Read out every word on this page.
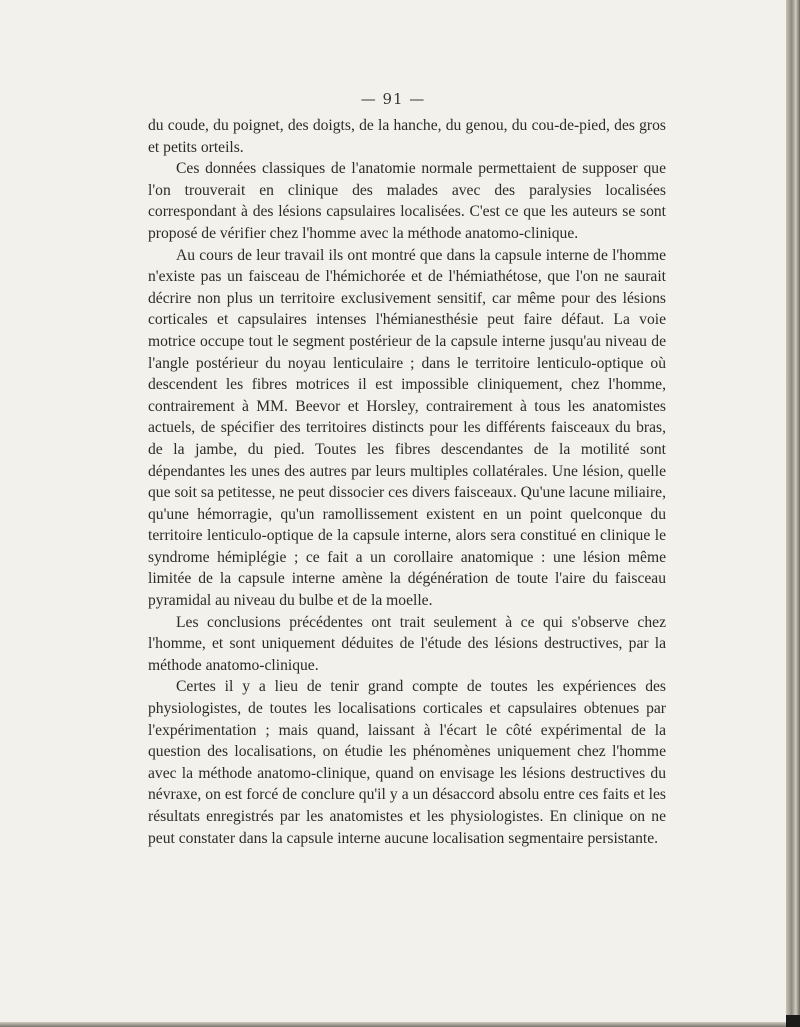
— 91 —

du coude, du poignet, des doigts, de la hanche, du genou, du cou-de-pied, des gros et petits orteils.

Ces données classiques de l'anatomie normale permettaient de supposer que l'on trouverait en clinique des malades avec des paralysies localisées correspondant à des lésions capsulaires localisées. C'est ce que les auteurs se sont proposé de vérifier chez l'homme avec la méthode anatomo-clinique.

Au cours de leur travail ils ont montré que dans la capsule interne de l'homme n'existe pas un faisceau de l'hémichorée et de l'hémiathétose, que l'on ne saurait décrire non plus un territoire exclusivement sensitif, car même pour des lésions corticales et capsulaires intenses l'hémianesthésie peut faire défaut. La voie motrice occupe tout le segment postérieur de la capsule interne jusqu'au niveau de l'angle postérieur du noyau lenticulaire ; dans le territoire lenticulo-optique où descendent les fibres motrices il est impossible cliniquement, chez l'homme, contrairement à MM. Beevor et Horsley, contrairement à tous les anatomistes actuels, de spécifier des territoires distincts pour les différents faisceaux du bras, de la jambe, du pied. Toutes les fibres descendantes de la motilité sont dépendantes les unes des autres par leurs multiples collatérales. Une lésion, quelle que soit sa petitesse, ne peut dissocier ces divers faisceaux. Qu'une lacune miliaire, qu'une hémorragie, qu'un ramollissement existent en un point quelconque du territoire lenticulo-optique de la capsule interne, alors sera constitué en clinique le syndrome hémiplégie ; ce fait a un corollaire anatomique : une lésion même limitée de la capsule interne amène la dégénération de toute l'aire du faisceau pyramidal au niveau du bulbe et de la moelle.

Les conclusions précédentes ont trait seulement à ce qui s'observe chez l'homme, et sont uniquement déduites de l'étude des lésions destructives, par la méthode anatomo-clinique.

Certes il y a lieu de tenir grand compte de toutes les expériences des physiologistes, de toutes les localisations corticales et capsulaires obtenues par l'expérimentation ; mais quand, laissant à l'écart le côté expérimental de la question des localisations, on étudie les phénomènes uniquement chez l'homme avec la méthode anatomo-clinique, quand on envisage les lésions destructives du névraxe, on est forcé de conclure qu'il y a un désaccord absolu entre ces faits et les résultats enregistrés par les anatomistes et les physiologistes. En clinique on ne peut constater dans la capsule interne aucune localisation segmentaire persistante.
